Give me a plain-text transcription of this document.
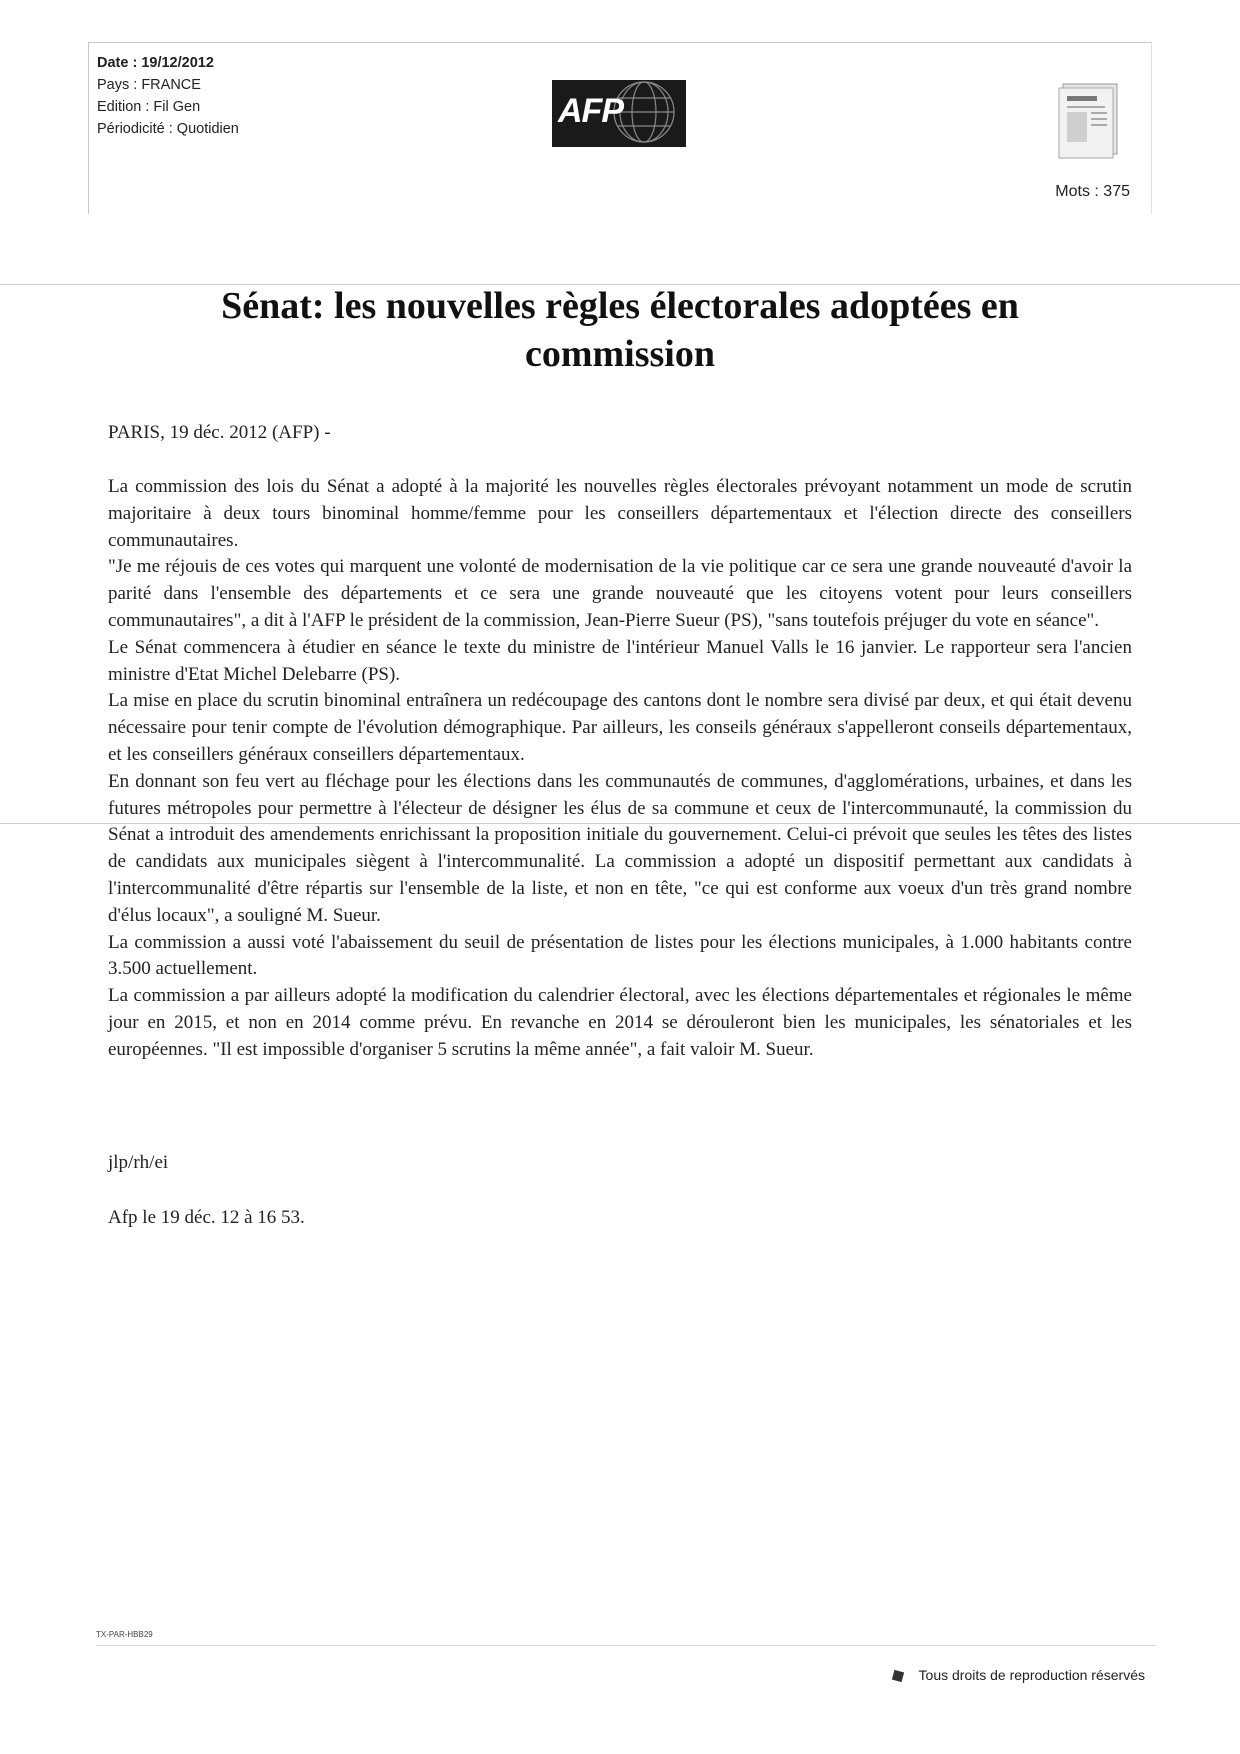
Date : 19/12/2012
Pays : FRANCE
Edition : Fil Gen
Périodicité : Quotidien	AFP
Mots : 375
Sénat: les nouvelles règles électorales adoptées en commission
PARIS, 19 déc. 2012 (AFP) -

La commission des lois du Sénat a adopté à la majorité les nouvelles règles électorales prévoyant notamment un mode de scrutin majoritaire à deux tours binominal homme/femme pour les conseillers départementaux et l'élection directe des conseillers communautaires.

"Je me réjouis de ces votes qui marquent une volonté de modernisation de la vie politique car ce sera une grande nouveauté d'avoir la parité dans l'ensemble des départements et ce sera une grande nouveauté que les citoyens votent pour leurs conseillers communautaires", a dit à l'AFP le président de la commission, Jean-Pierre Sueur (PS), "sans toutefois préjuger du vote en séance".

Le Sénat commencera à étudier en séance le texte du ministre de l'intérieur Manuel Valls le 16 janvier. Le rapporteur sera l'ancien ministre d'Etat Michel Delebarre (PS).

La mise en place du scrutin binominal entraînera un redécoupage des cantons dont le nombre sera divisé par deux, et qui était devenu nécessaire pour tenir compte de l'évolution démographique. Par ailleurs, les conseils généraux s'appelleront conseils départementaux, et les conseillers généraux conseillers départementaux.

En donnant son feu vert au fléchage pour les élections dans les communautés de communes, d'agglomérations, urbaines, et dans les futures métropoles pour permettre à l'électeur de désigner les élus de sa commune et ceux de l'intercommunauté, la commission du Sénat a introduit des amendements enrichissant la proposition initiale du gouvernement. Celui-ci prévoit que seules les têtes des listes de candidats aux municipales siègent à l'intercommunalité. La commission a adopté un dispositif permettant aux candidats à l'intercommunalité d'être répartis sur l'ensemble de la liste, et non en tête, "ce qui est conforme aux voeux d'un très grand nombre d'élus locaux", a souligné M. Sueur.

La commission a aussi voté l'abaissement du seuil de présentation de listes pour les élections municipales, à 1.000 habitants contre 3.500 actuellement.

La commission a par ailleurs adopté la modification du calendrier électoral, avec les élections départementales et régionales le même jour en 2015, et non en 2014 comme prévu. En revanche en 2014 se dérouleront bien les municipales, les sénatoriales et les européennes. "Il est impossible d'organiser 5 scrutins la même année", a fait valoir M. Sueur.

jlp/rh/ei
Afp le 19 déc. 12 à 16 53.
TX-PAR-HBB29
Tous droits de reproduction réservés
